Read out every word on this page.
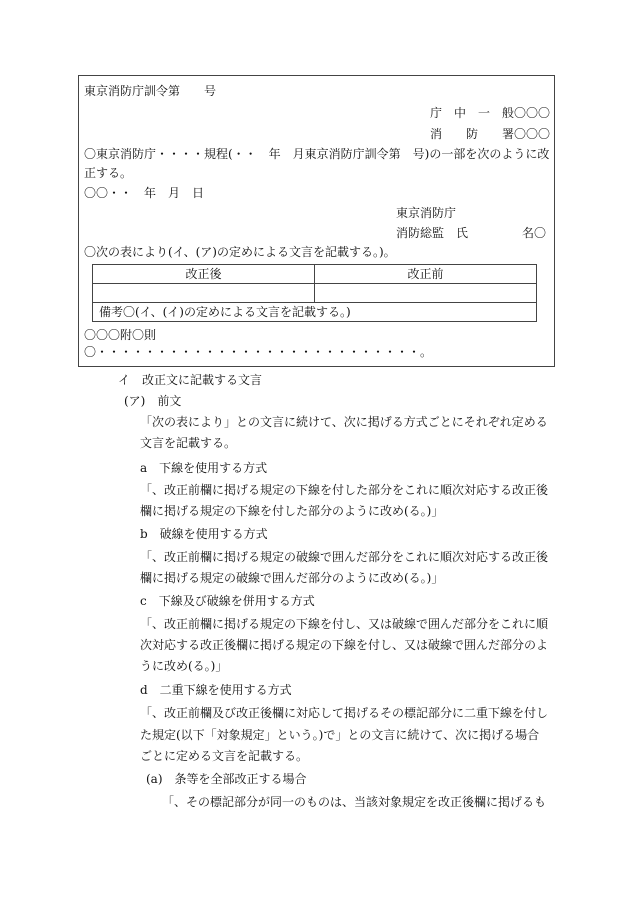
東京消防庁訓令第　　号
庁　中　一　般〇〇〇
消　　防　　署〇〇〇
〇東京消防庁・・・・規程(・・　年　月東京消防庁訓令第　号)の一部を次のように改
正する。
〇〇・・　年　月　日
東京消防庁
消防総監　氏	名〇
〇次の表により(イ、(ア)の定めによる文言を記載する。)。
改正後	改正前

備考〇(イ、(イ)の定めによる文言を記載する。)	
〇〇〇附〇則
〇・・・・・・・・・・・・・・・・・・・・・・・・・・・。
イ　改正文に記載する文言
(ア)　前文
「次の表により」との文言に続けて、次に掲げる方式ごとにそれぞれ定める
文言を記載する。
a　下線を使用する方式
「、改正前欄に掲げる規定の下線を付した部分をこれに順次対応する改正後
欄に掲げる規定の下線を付した部分のように改め(る。)」
b　破線を使用する方式
「、改正前欄に掲げる規定の破線で囲んだ部分をこれに順次対応する改正後
欄に掲げる規定の破線で囲んだ部分のように改め(る。)」
c　下線及び破線を併用する方式
「、改正前欄に掲げる規定の下線を付し、又は破線で囲んだ部分をこれに順
次対応する改正後欄に掲げる規定の下線を付し、又は破線で囲んだ部分のよ
うに改め(る。)」
d　二重下線を使用する方式
「、改正前欄及び改正後欄に対応して掲げるその標記部分に二重下線を付し
た規定(以下「対象規定」という。)で」との文言に続けて、次に掲げる場合
ごとに定める文言を記載する。
(a)　条等を全部改正する場合
「、その標記部分が同一のものは、当該対象規定を改正後欄に掲げるも
